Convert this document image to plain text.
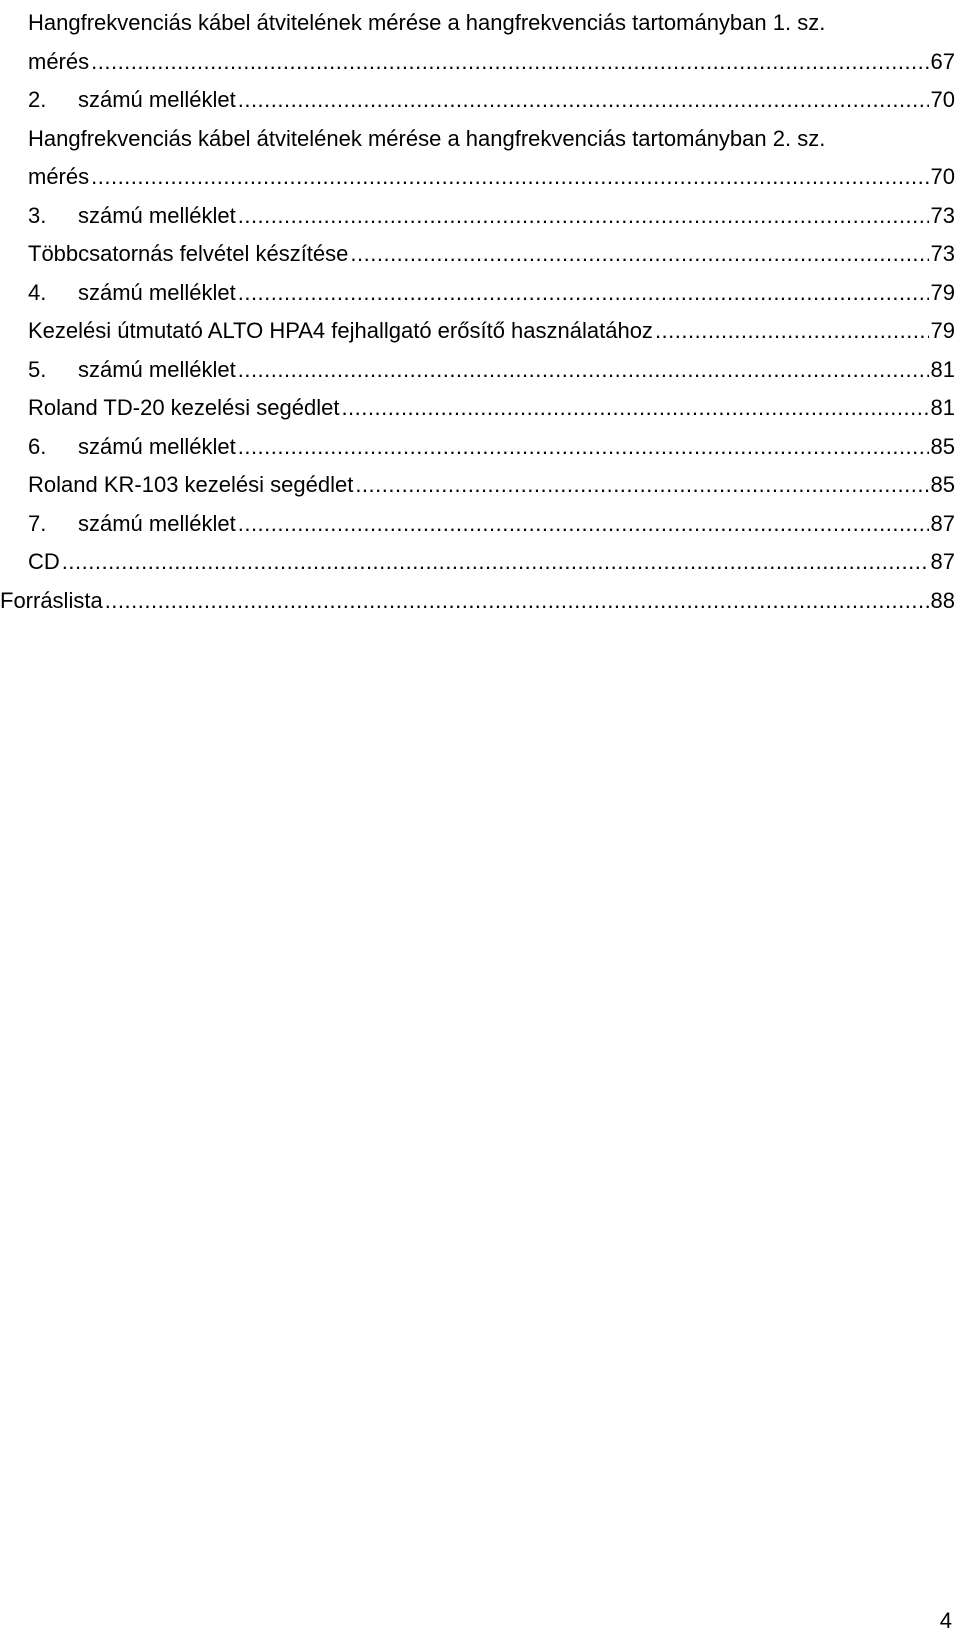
Hangfrekvenciás kábel átvitelének mérése a hangfrekvenciás tartományban 1. sz.
mérés .....	67
2.	számú melléklet .....	70
Hangfrekvenciás kábel átvitelének mérése a hangfrekvenciás tartományban 2. sz.
mérés .....	70
3.	számú melléklet .....	73
Többcsatornás felvétel készítése .....	73
4.	számú melléklet .....	79
Kezelési útmutató ALTO HPA4 fejhallgató erősítő használatához .....	79
5.	számú melléklet .....	81
Roland TD-20 kezelési segédlet .....	81
6.	számú melléklet .....	85
Roland KR-103 kezelési segédlet .....	85
7.	számú melléklet .....	87
CD .....	87
Forráslista .....	88
4
